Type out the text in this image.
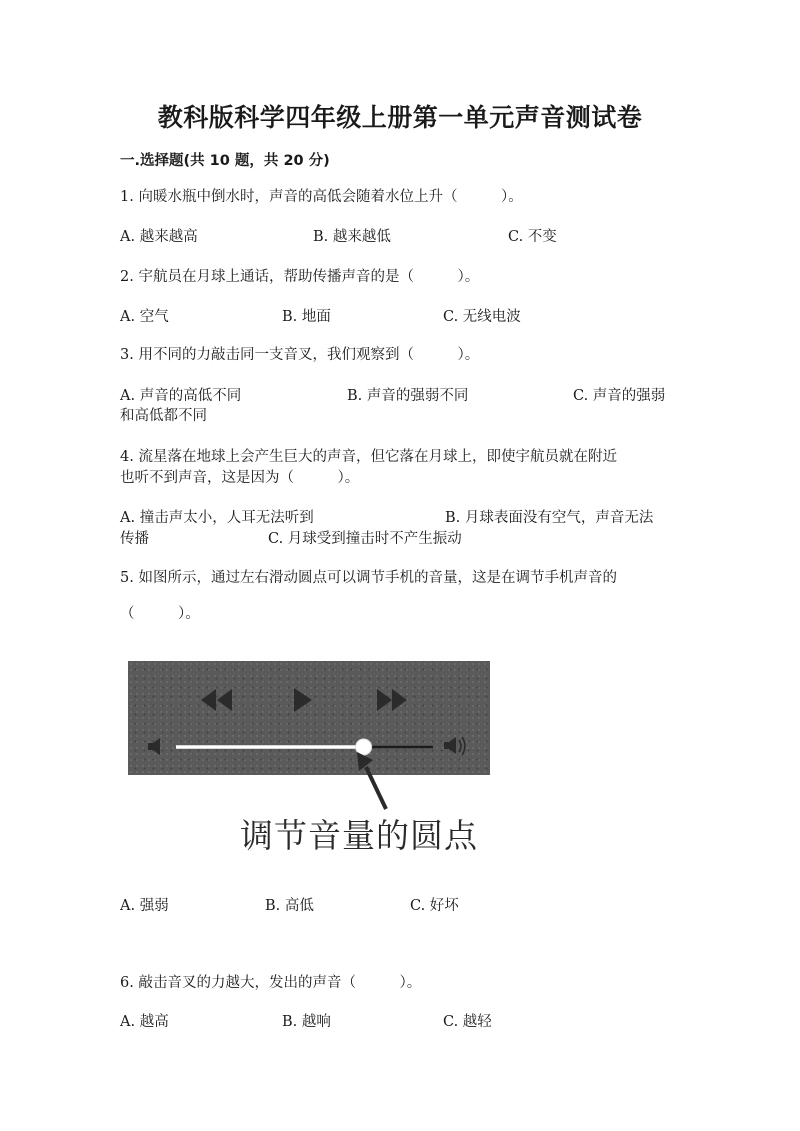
教科版科学四年级上册第一单元声音测试卷
一.选择题(共 10 题，共 20 分)
1. 向暖水瓶中倒水时，声音的高低会随着水位上升（　　　）。
A. 越来越高	B. 越来越低	C. 不变
2. 宇航员在月球上通话，帮助传播声音的是（　　　）。
A. 空气	B. 地面	C. 无线电波
3. 用不同的力敲击同一支音叉，我们观察到（　　　）。
A. 声音的高低不同	B. 声音的强弱不同	C. 声音的强弱
和高低都不同
4. 流星落在地球上会产生巨大的声音，但它落在月球上，即使宇航员就在附近
也听不到声音，这是因为（　　　）。
A. 撞击声太小，人耳无法听到	B. 月球表面没有空气，声音无法
传播	C. 月球受到撞击时不产生振动
5. 如图所示，通过左右滑动圆点可以调节手机的音量，这是在调节手机声音的
（　　　）。
调节音量的圆点
A. 强弱	B. 高低	C. 好坏
6. 敲击音叉的力越大，发出的声音（　　　）。
A. 越高	B. 越响	C. 越轻
